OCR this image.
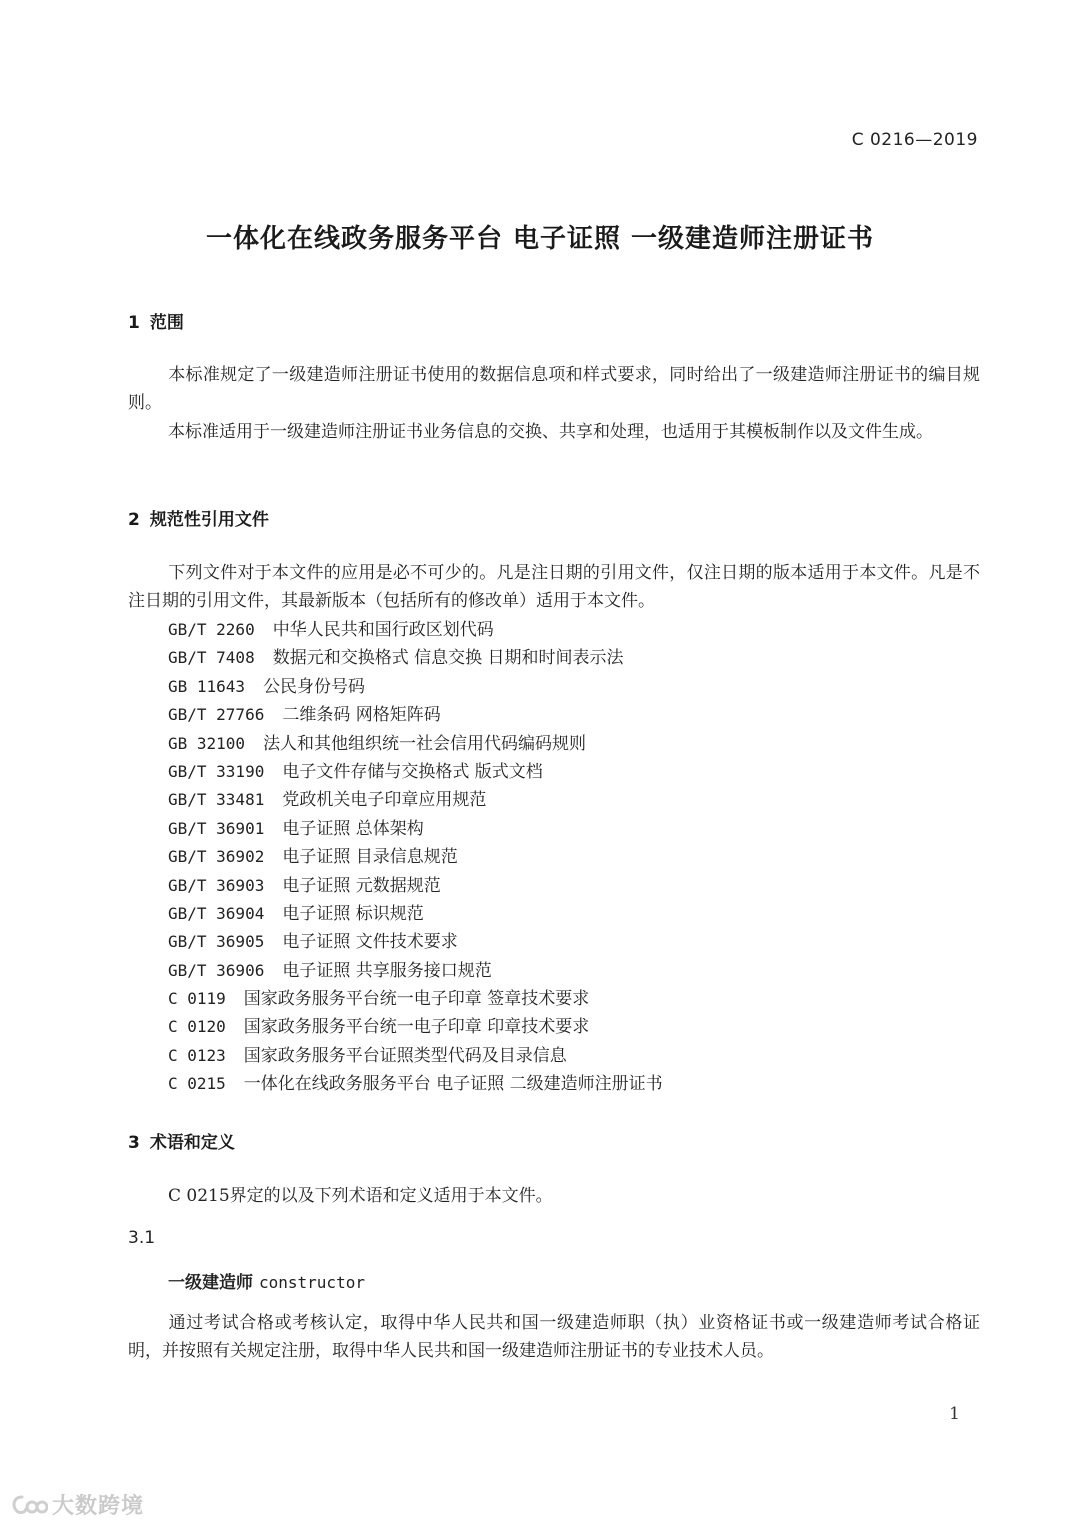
C 0216—2019
一体化在线政务服务平台 电子证照 一级建造师注册证书
1 范围
本标准规定了一级建造师注册证书使用的数据信息项和样式要求，同时给出了一级建造师注册证书的编目规则。
本标准适用于一级建造师注册证书业务信息的交换、共享和处理，也适用于其模板制作以及文件生成。
2 规范性引用文件
下列文件对于本文件的应用是必不可少的。凡是注日期的引用文件，仅注日期的版本适用于本文件。凡是不注日期的引用文件，其最新版本（包括所有的修改单）适用于本文件。
GB/T 2260 中华人民共和国行政区划代码
GB/T 7408 数据元和交换格式 信息交换 日期和时间表示法
GB 11643 公民身份号码
GB/T 27766 二维条码 网格矩阵码
GB 32100 法人和其他组织统一社会信用代码编码规则
GB/T 33190 电子文件存储与交换格式 版式文档
GB/T 33481 党政机关电子印章应用规范
GB/T 36901 电子证照 总体架构
GB/T 36902 电子证照 目录信息规范
GB/T 36903 电子证照 元数据规范
GB/T 36904 电子证照 标识规范
GB/T 36905 电子证照 文件技术要求
GB/T 36906 电子证照 共享服务接口规范
C 0119 国家政务服务平台统一电子印章 签章技术要求
C 0120 国家政务服务平台统一电子印章 印章技术要求
C 0123 国家政务服务平台证照类型代码及目录信息
C 0215 一体化在线政务服务平台 电子证照 二级建造师注册证书
3 术语和定义
C 0215界定的以及下列术语和定义适用于本文件。
3.1
一级建造师 constructor
通过考试合格或考核认定，取得中华人民共和国一级建造师职（执）业资格证书或一级建造师考试合格证明，并按照有关规定注册，取得中华人民共和国一级建造师注册证书的专业技术人员。
1
大数跨境
